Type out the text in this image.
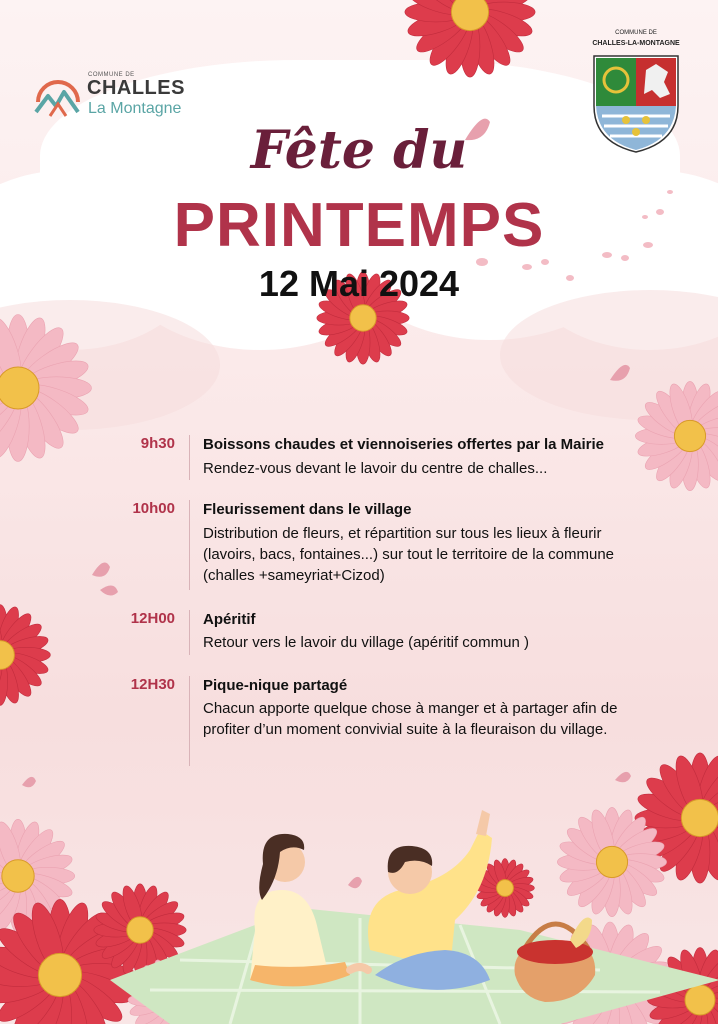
COMMUNE DE
CHALLES
La Montagne
COMMUNE DE
CHALLES-LA-MONTAGNE
Fête du
PRINTEMPS
12 Mai 2024
9h30 Boissons chaudes et viennoiseries offertes par la Mairie
Rendez-vous devant le lavoir du centre de challes...
10h00 Fleurissement dans le village
Distribution de fleurs, et répartition sur tous les lieux à fleurir (lavoirs, bacs, fontaines...) sur tout le territoire de la commune (challes +sameyriat+Cizod)
12H00 Apéritif
Retour vers le lavoir du village (apéritif commun )
12H30 Pique-nique partagé
Chacun apporte quelque chose à manger et à partager afin de profiter d’un moment convivial suite à la fleuraison du village.
